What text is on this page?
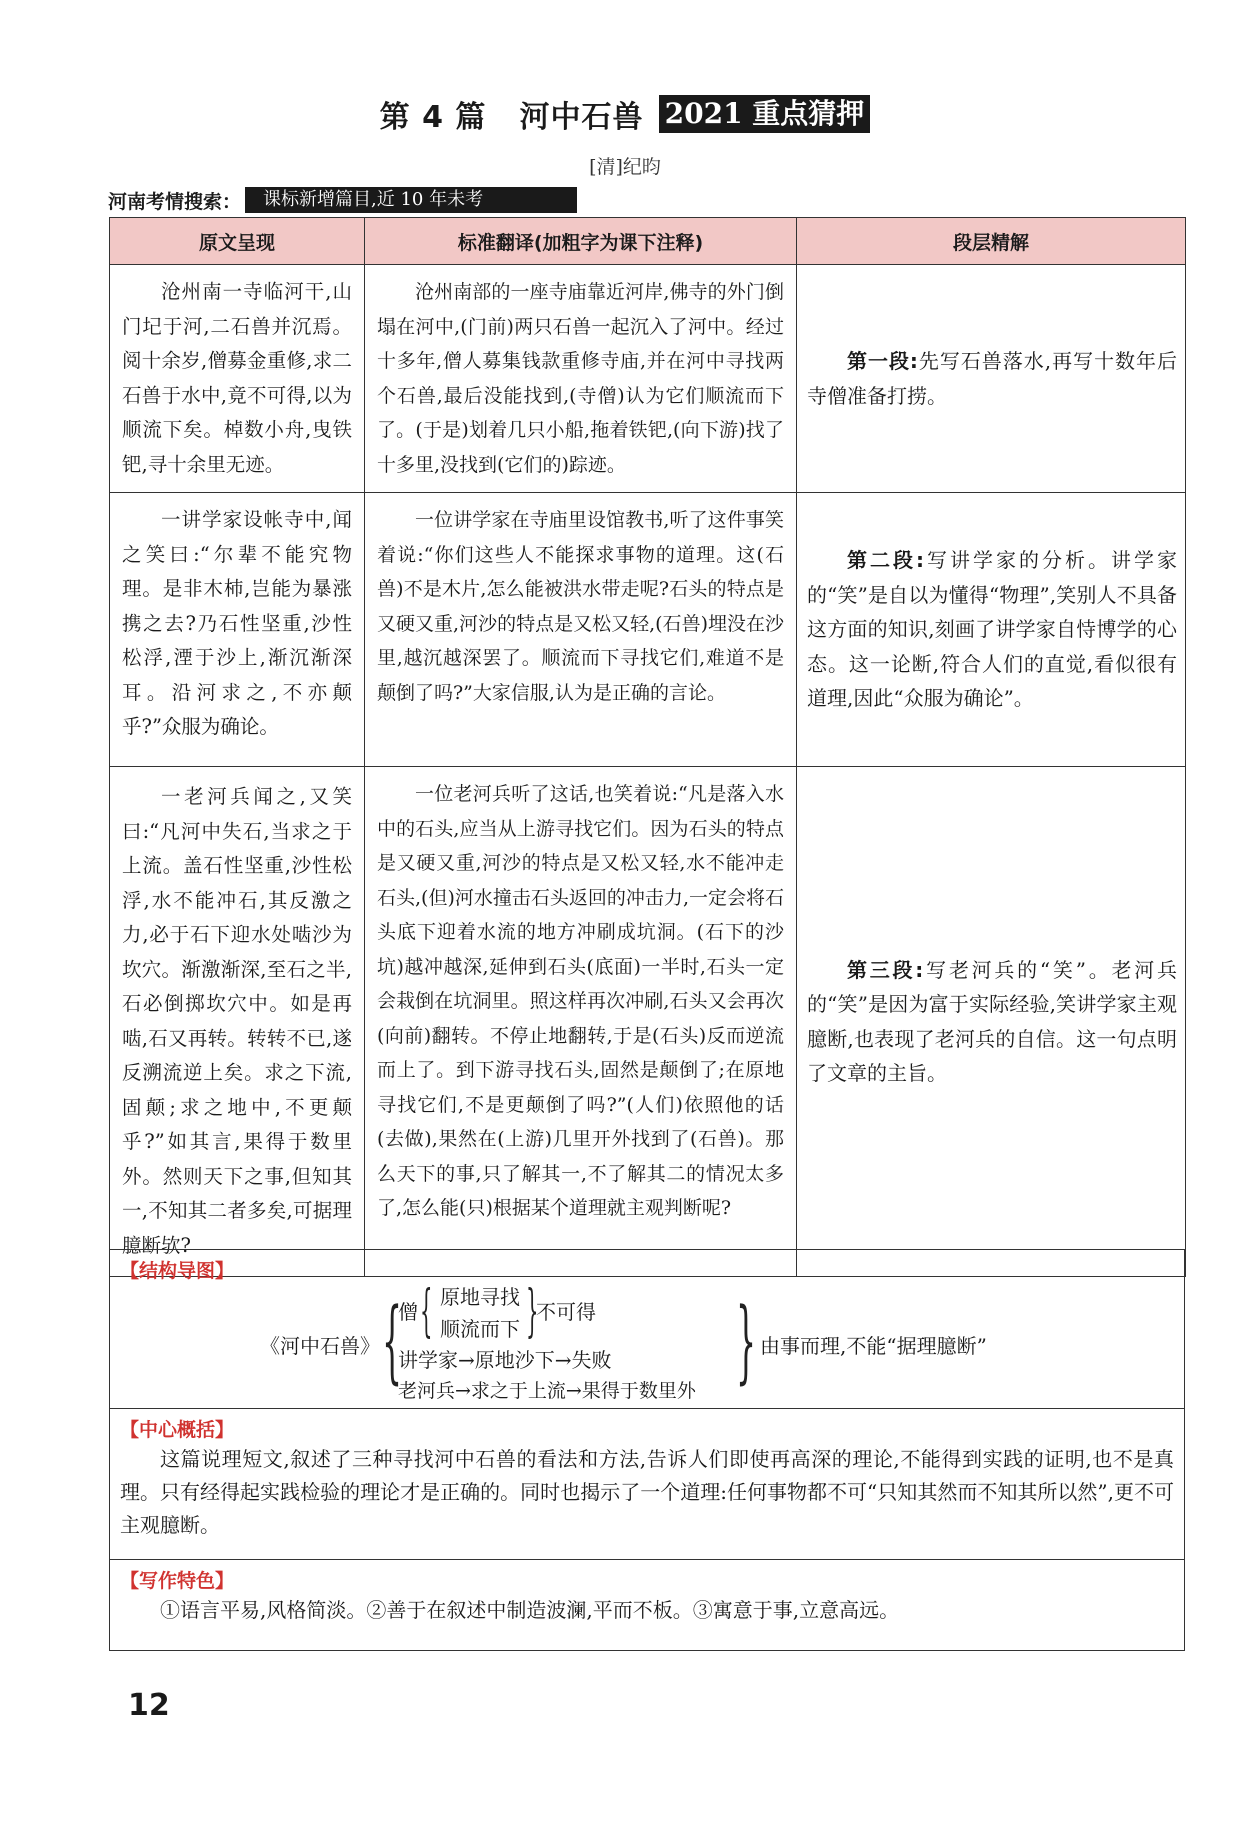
第 4 篇 河中石兽 2021 重点猜押
[清]纪昀
河南考情搜索：	课标新增篇目,近 10 年未考
原文呈现	标准翻译(加粗字为课下注释)	段层精解

沧州南一寺临河干,山门圮于河,二石兽并沉焉。阅十余岁,僧募金重修,求二石兽于水中,竟不可得,以为顺流下矣。棹数小舟,曳铁钯,寻十余里无迹。	沧州南部的一座寺庙靠近河岸,佛寺的外门倒塌在河中,(门前)两只石兽一起沉入了河中。经过十多年,僧人募集钱款重修寺庙,并在河中寻找两个石兽,最后没能找到,(寺僧)认为它们顺流而下了。(于是)划着几只小船,拖着铁钯,(向下游)找了十多里,没找到(它们的)踪迹。	第一段:先写石兽落水,再写十数年后寺僧准备打捞。

一讲学家设帐寺中,闻之笑曰:“尔辈不能究物理。是非木杮,岂能为暴涨携之去?乃石性坚重,沙性松浮,湮于沙上,渐沉渐深耳。沿河求之,不亦颠乎?”众服为确论。	一位讲学家在寺庙里设馆教书,听了这件事笑着说:“你们这些人不能探求事物的道理。这(石兽)不是木片,怎么能被洪水带走呢?石头的特点是又硬又重,河沙的特点是又松又轻,(石兽)埋没在沙里,越沉越深罢了。顺流而下寻找它们,难道不是颠倒了吗?”大家信服,认为是正确的言论。	第二段:写讲学家的分析。讲学家的“笑”是自以为懂得“物理”,笑别人不具备这方面的知识,刻画了讲学家自恃博学的心态。这一论断,符合人们的直觉,看似很有道理,因此“众服为确论”。

一老河兵闻之,又笑曰:“凡河中失石,当求之于上流。盖石性坚重,沙性松浮,水不能冲石,其反激之力,必于石下迎水处啮沙为坎穴。渐激渐深,至石之半,石必倒掷坎穴中。如是再啮,石又再转。转转不已,遂反溯流逆上矣。求之下流,固颠;求之地中,不更颠乎?”如其言,果得于数里外。然则天下之事,但知其一,不知其二者多矣,可据理臆断欤?	一位老河兵听了这话,也笑着说:“凡是落入水中的石头,应当从上游寻找它们。因为石头的特点是又硬又重,河沙的特点是又松又轻,水不能冲走石头,(但)河水撞击石头返回的冲击力,一定会将石头底下迎着水流的地方冲刷成坑洞。(石下的沙坑)越冲越深,延伸到石头(底面)一半时,石头一定会栽倒在坑洞里。照这样再次冲刷,石头又会再次(向前)翻转。不停止地翻转,于是(石头)反而逆流而上了。到下游寻找石头,固然是颠倒了;在原地寻找它们,不是更颠倒了吗?”(人们)依照他的话(去做),果然在(上游)几里开外找到了(石兽)。那么天下的事,只了解其一,不了解其二的情况太多了,怎么能(只)根据某个道理就主观判断呢?	第三段:写老河兵的“笑”。老河兵的“笑”是因为富于实际经验,笑讲学家主观臆断,也表现了老河兵的自信。这一句点明了文章的主旨。

【结构导图】
《河中石兽》 {
僧 { 原地寻找
顺流而下 }
不可得
讲学家→原地沙下→失败
老河兵→求之于上流→果得于数里外 } 由事而理,不能“据理臆断”
【中心概括】
这篇说理短文,叙述了三种寻找河中石兽的看法和方法,告诉人们即使再高深的理论,不能得到实践的证明,也不是真理。只有经得起实践检验的理论才是正确的。同时也揭示了一个道理:任何事物都不可“只知其然而不知其所以然”,更不可主观臆断。
【写作特色】
①语言平易,风格简淡。②善于在叙述中制造波澜,平而不板。③寓意于事,立意高远。
12
